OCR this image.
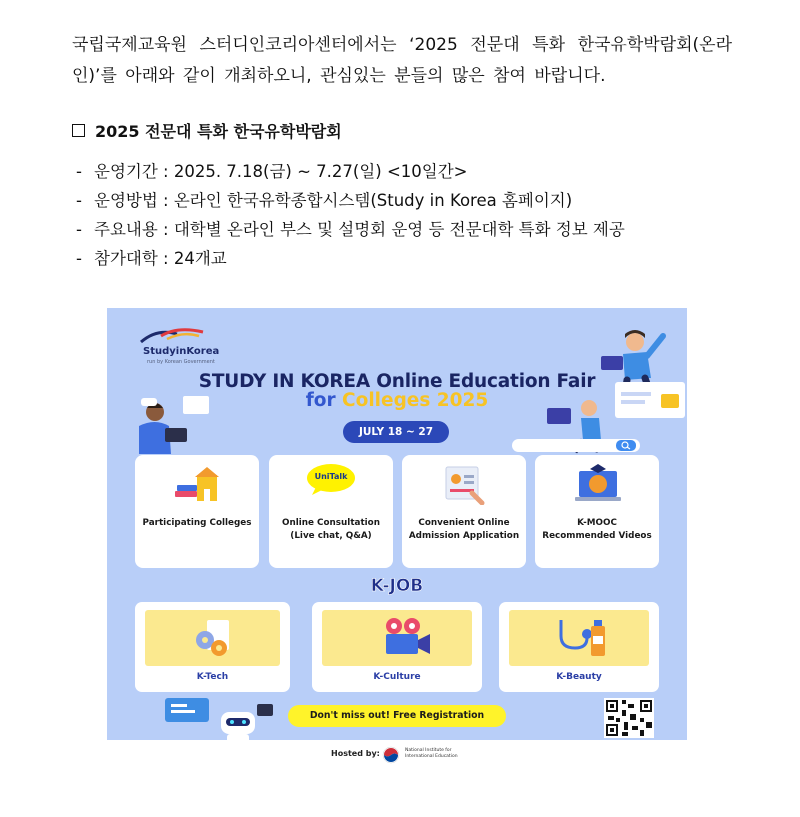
국립국제교육원 스터디인코리아센터에서는 ‘2025 전문대 특화 한국유학박람회(온라인)’를 아래와 같이 개최하오니, 관심있는 분들의 많은 참여 바랍니다.
2025 전문대 특화 한국유학박람회
- 운영기간 : 2025. 7.18(금) ~ 7.27(일) <10일간>
- 운영방법 : 온라인 한국유학종합시스템(Study in Korea 홈페이지)
- 주요내용 : 대학별 온라인 부스 및 설명회 운영 등 전문대학 특화 정보 제공
- 참가대학 : 24개교
StudyinKorea
run by Korean Government
STUDY IN KOREA Online Education Fair
for Colleges 2025
JULY 18 ~ 27
Participating Colleges
UniTalk
Online Consultation (Live chat, Q&A)
Convenient Online Admission Application
K-MOOC Recommended Videos
K-JOB
K-Tech	K-Culture	K-Beauty
Don't miss out! Free Registration
Hosted by:	National Institute for International Education
